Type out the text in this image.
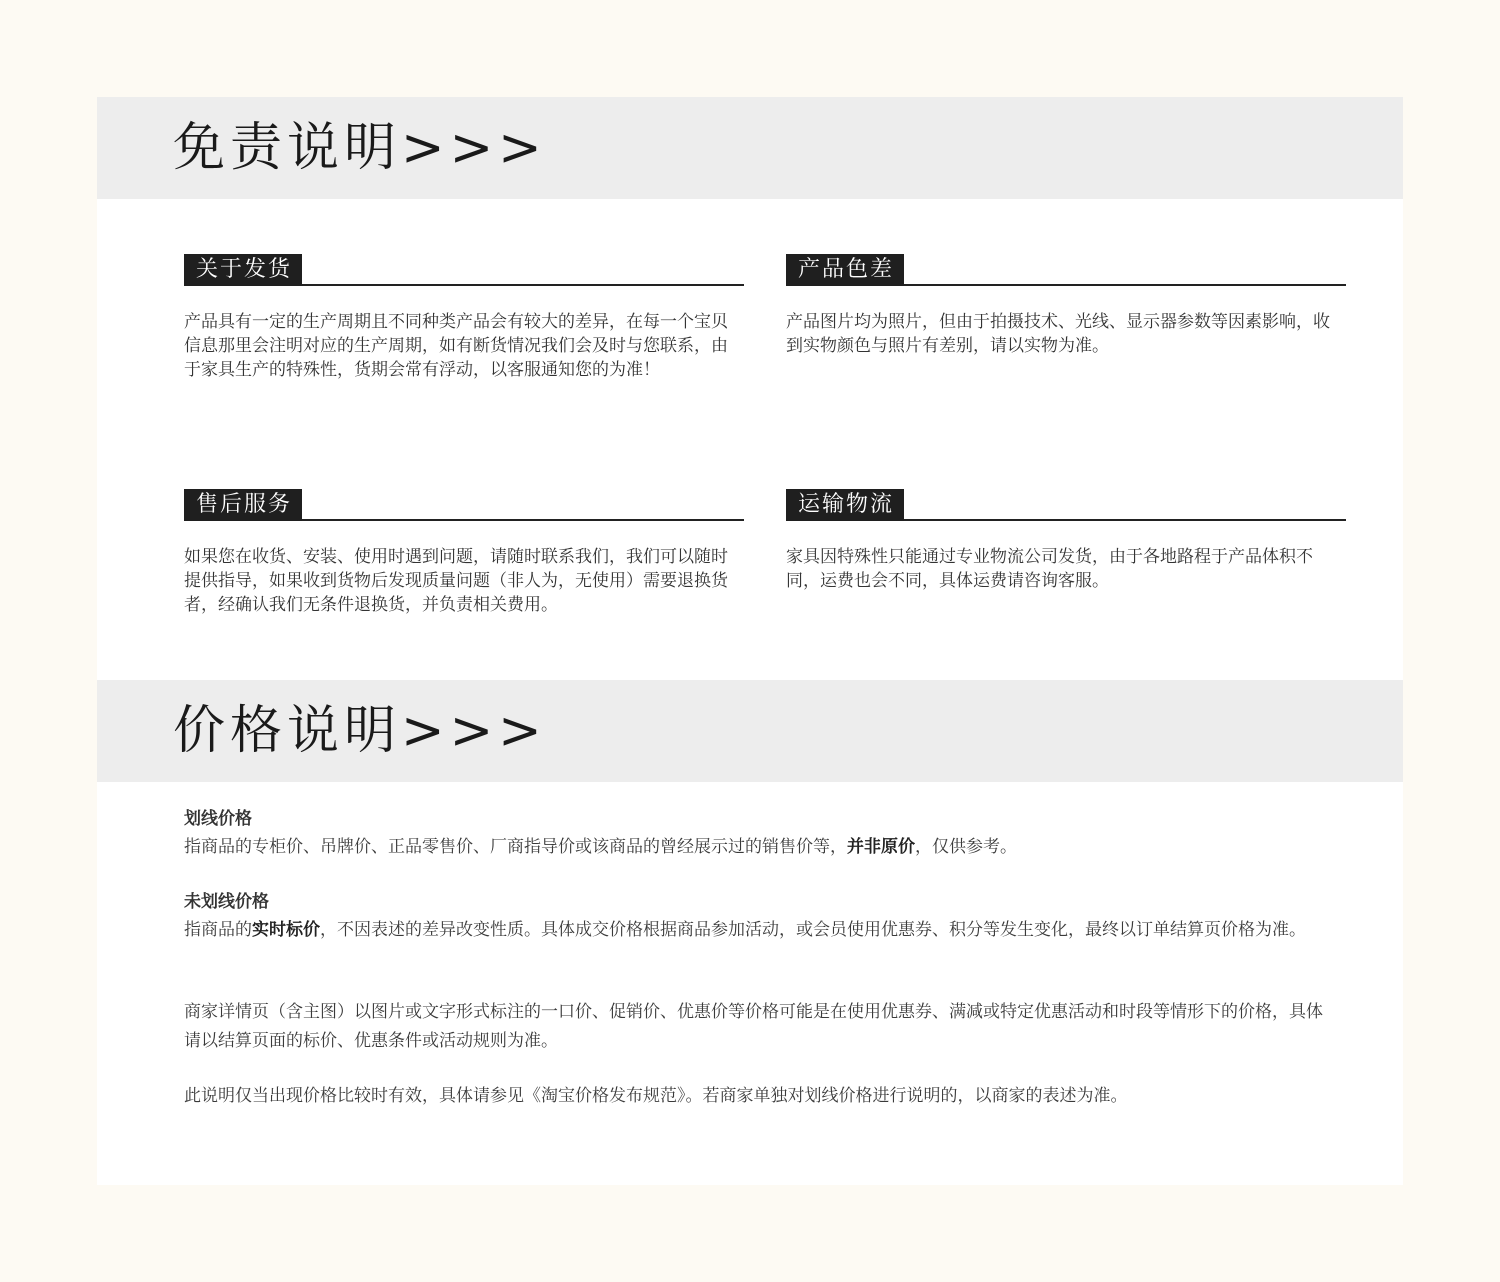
免责说明>>>
关于发货
产品具有一定的生产周期且不同种类产品会有较大的差异，在每一个宝贝信息那里会注明对应的生产周期，如有断货情况我们会及时与您联系，由于家具生产的特殊性，货期会常有浮动，以客服通知您的为准！
产品色差
产品图片均为照片，但由于拍摄技术、光线、显示器参数等因素影响，收到实物颜色与照片有差别，请以实物为准。
售后服务
如果您在收货、安装、使用时遇到问题，请随时联系我们，我们可以随时提供指导，如果收到货物后发现质量问题（非人为，无使用）需要退换货者，经确认我们无条件退换货，并负责相关费用。
运输物流
家具因特殊性只能通过专业物流公司发货，由于各地路程于产品体积不同，运费也会不同，具体运费请咨询客服。
价格说明>>>
划线价格

指商品的专柜价、吊牌价、正品零售价、厂商指导价或该商品的曾经展示过的销售价等，并非原价，仅供参考。

未划线价格

指商品的实时标价，不因表述的差异改变性质。具体成交价格根据商品参加活动，或会员使用优惠券、积分等发生变化，最终以订单结算页价格为准。

商家详情页（含主图）以图片或文字形式标注的一口价、促销价、优惠价等价格可能是在使用优惠券、满减或特定优惠活动和时段等情形下的价格，具体请以结算页面的标价、优惠条件或活动规则为准。

此说明仅当出现价格比较时有效，具体请参见《淘宝价格发布规范》。若商家单独对划线价格进行说明的，以商家的表述为准。
